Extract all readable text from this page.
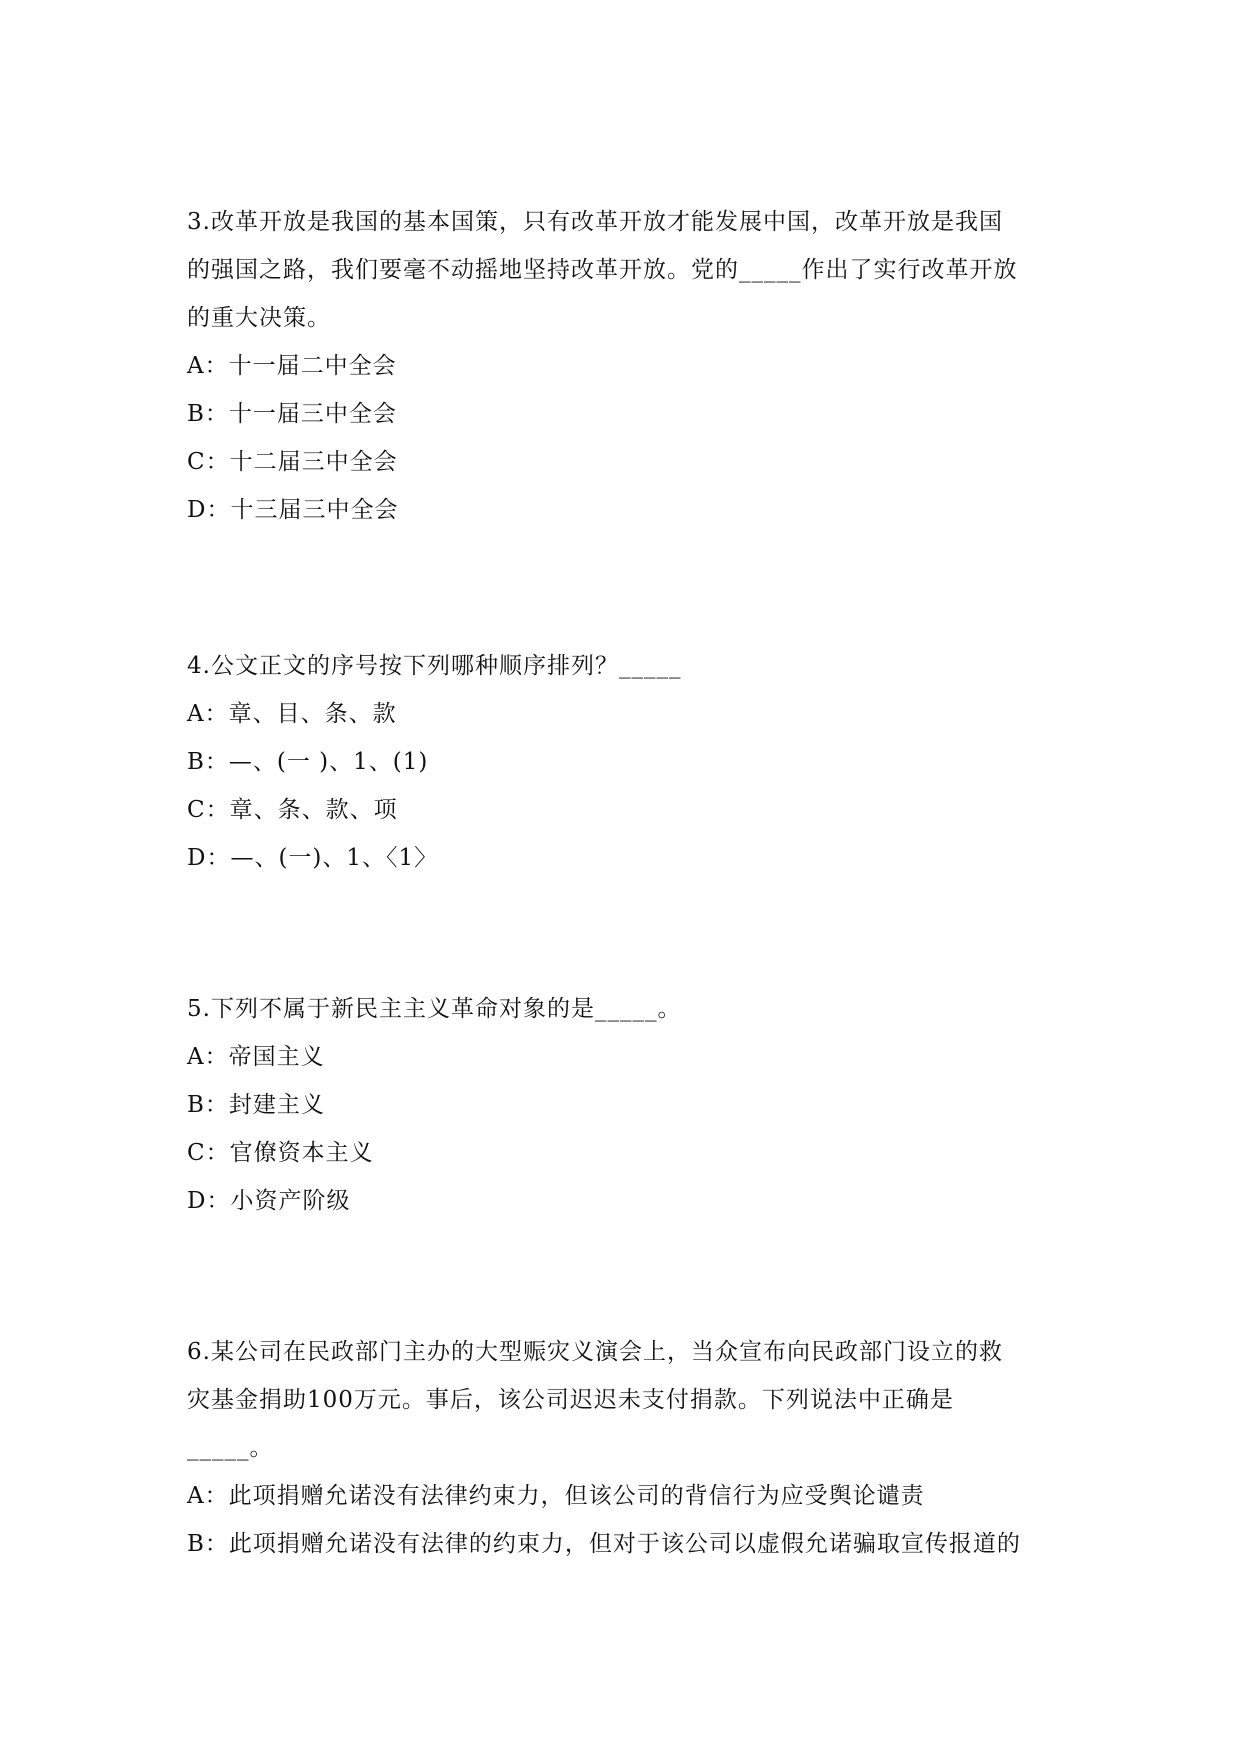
3.改革开放是我国的基本国策，只有改革开放才能发展中国，改革开放是我国
的强国之路，我们要毫不动摇地坚持改革开放。党的_____作出了实行改革开放
的重大决策。
A：十一届二中全会
B：十一届三中全会
C：十二届三中全会
D：十三届三中全会
4.公文正文的序号按下列哪种顺序排列？_____
A：章、目、条、款
B：—、(一 )、1、(1)
C：章、条、款、项
D：—、(一)、1、〈1〉
5.下列不属于新民主主义革命对象的是_____。
A：帝国主义
B：封建主义
C：官僚资本主义
D：小资产阶级
6.某公司在民政部门主办的大型赈灾义演会上，当众宣布向民政部门设立的救
灾基金捐助100万元。事后，该公司迟迟未支付捐款。下列说法中正确是
_____。
A：此项捐赠允诺没有法律约束力，但该公司的背信行为应受舆论谴责
B：此项捐赠允诺没有法律的约束力，但对于该公司以虚假允诺骗取宣传报道的
